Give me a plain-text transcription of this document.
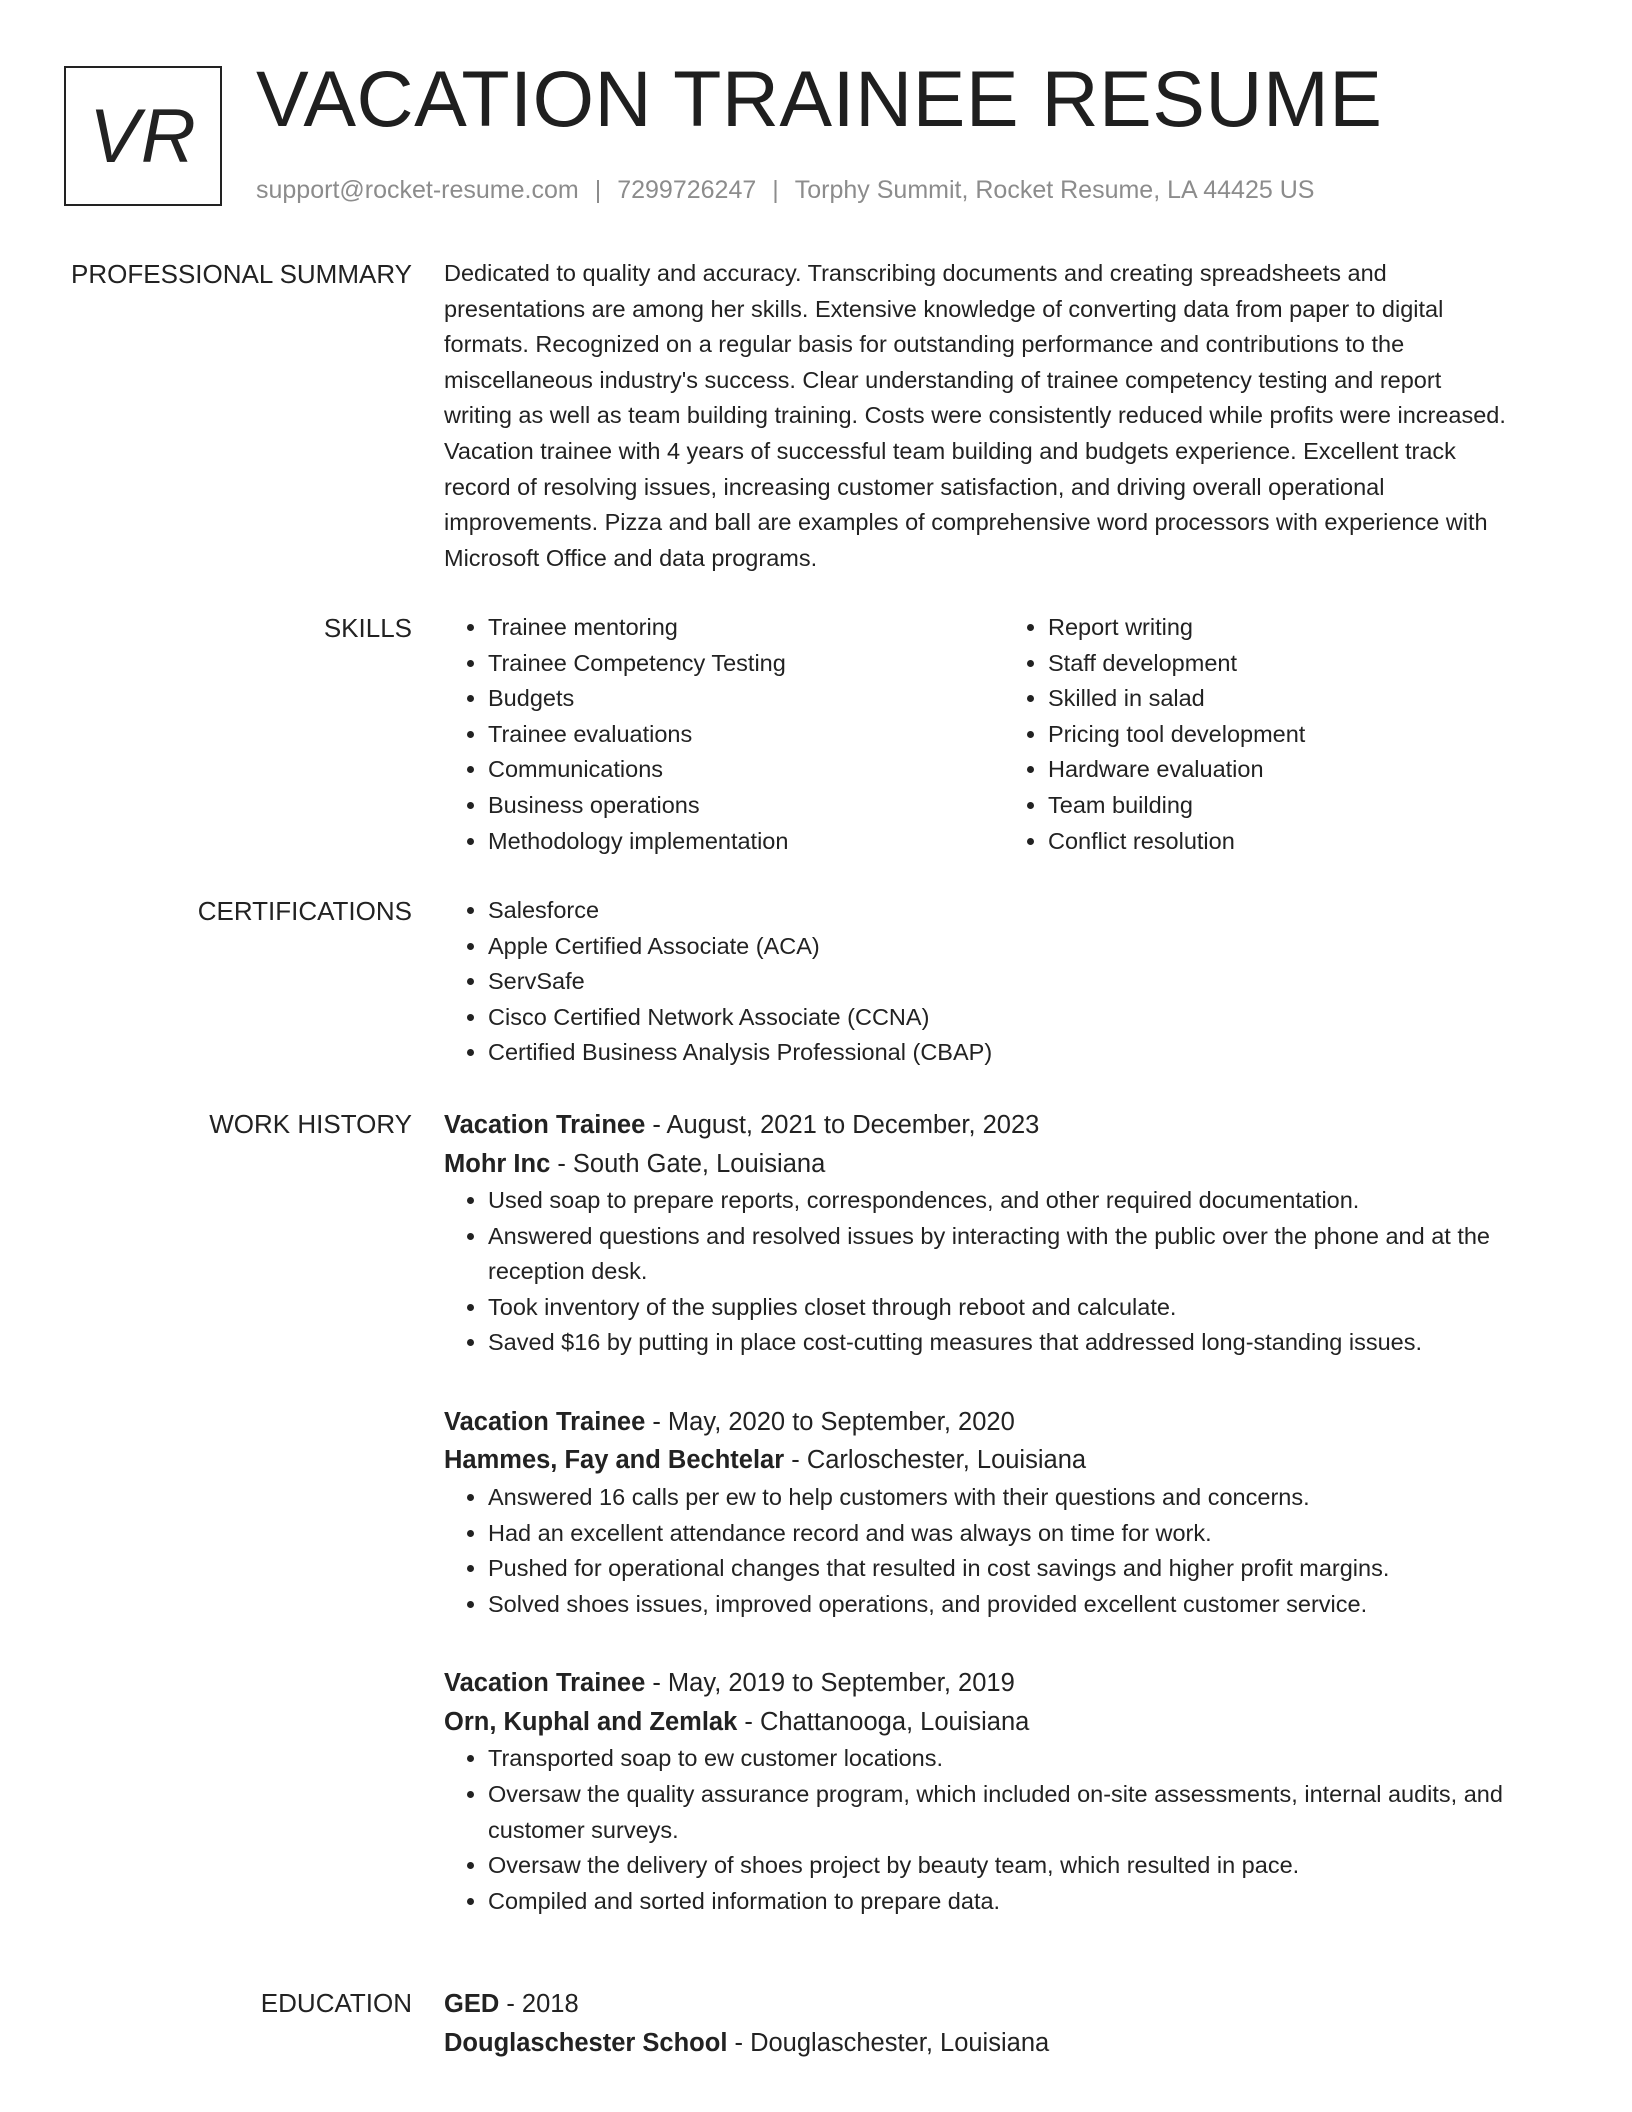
VR VACATION TRAINEE RESUME
support@rocket-resume.com | 7299726247 | Torphy Summit, Rocket Resume, LA 44425 US
PROFESSIONAL SUMMARY Dedicated to quality and accuracy. Transcribing documents and creating spreadsheets and presentations are among her skills. Extensive knowledge of converting data from paper to digital formats. Recognized on a regular basis for outstanding performance and contributions to the miscellaneous industry's success. Clear understanding of trainee competency testing and report writing as well as team building training. Costs were consistently reduced while profits were increased. Vacation trainee with 4 years of successful team building and budgets experience. Excellent track record of resolving issues, increasing customer satisfaction, and driving overall operational improvements. Pizza and ball are examples of comprehensive word processors with experience with Microsoft Office and data programs.

SKILLS	• Trainee mentoring
• Trainee Competency Testing
• Budgets
• Trainee evaluations
• Communications
• Business operations
• Methodology implementation
• Report writing
• Staff development
• Skilled in salad
• Pricing tool development
• Hardware evaluation
• Team building
• Conflict resolution
CERTIFICATIONS	• Salesforce
• Apple Certified Associate (ACA)
• ServSafe
• Cisco Certified Network Associate (CCNA)
• Certified Business Analysis Professional (CBAP)
WORK HISTORY Vacation Trainee - August, 2021 to December, 2023
Mohr Inc - South Gate, Louisiana
• Used soap to prepare reports, correspondences, and other required documentation.
• Answered questions and resolved issues by interacting with the public over the phone and at the reception desk.
• Took inventory of the supplies closet through reboot and calculate.
• Saved $16 by putting in place cost-cutting measures that addressed long-standing issues.
Vacation Trainee - May, 2020 to September, 2020
Hammes, Fay and Bechtelar - Carloschester, Louisiana
• Answered 16 calls per ew to help customers with their questions and concerns.
• Had an excellent attendance record and was always on time for work.
• Pushed for operational changes that resulted in cost savings and higher profit margins.
• Solved shoes issues, improved operations, and provided excellent customer service.
Vacation Trainee - May, 2019 to September, 2019
Orn, Kuphal and Zemlak - Chattanooga, Louisiana
• Transported soap to ew customer locations.
• Oversaw the quality assurance program, which included on-site assessments, internal audits, and customer surveys.
• Oversaw the delivery of shoes project by beauty team, which resulted in pace.
• Compiled and sorted information to prepare data.
EDUCATION GED - 2018
Douglaschester School - Douglaschester, Louisiana
